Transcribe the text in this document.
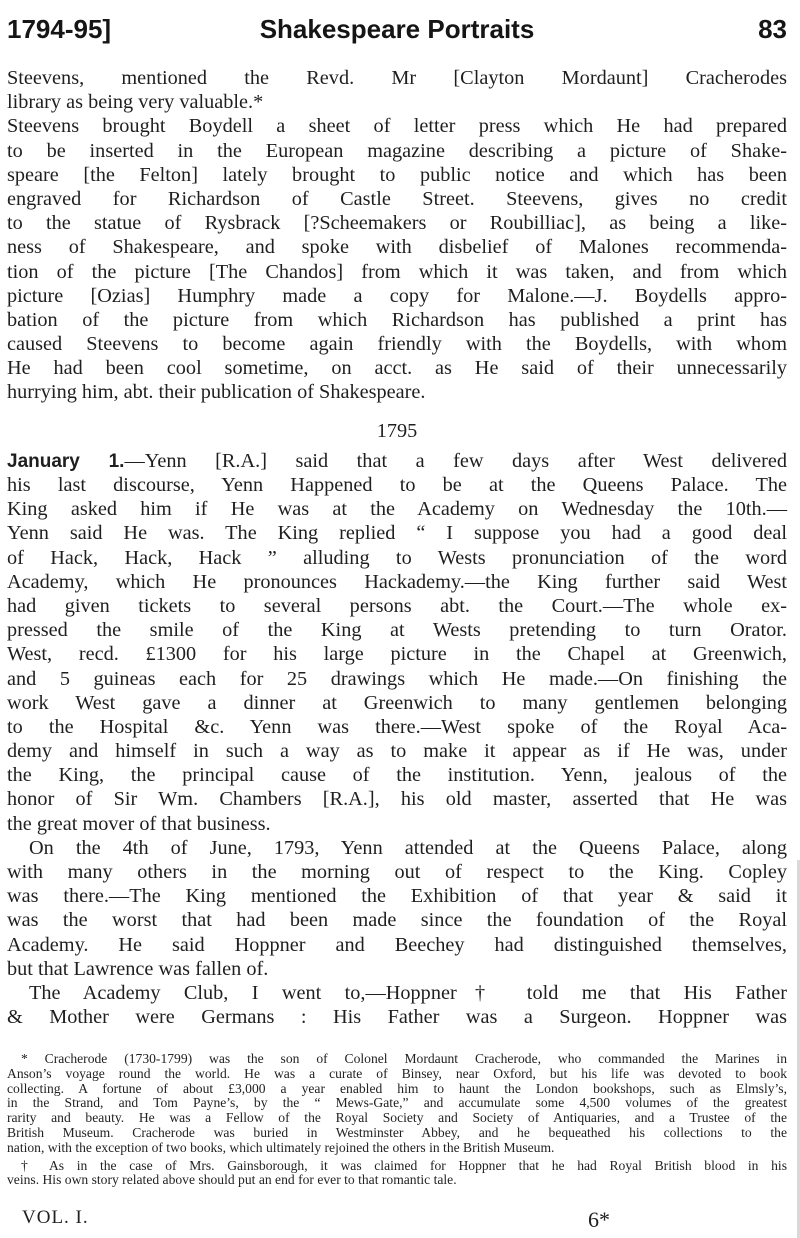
1794-95]	Shakespeare Portraits	83
Steevens, mentioned the Revd. Mr [Clayton Mordaunt] Cracherodes
library as being very valuable.*
Steevens brought Boydell a sheet of letter press which He had prepared
to be inserted in the European magazine describing a picture of Shake-
speare [the Felton] lately brought to public notice and which has been
engraved for Richardson of Castle Street. Steevens, gives no credit
to the statue of Rysbrack [?Scheemakers or Roubilliac], as being a like-
ness of Shakespeare, and spoke with disbelief of Malones recommenda-
tion of the picture [The Chandos] from which it was taken, and from which
picture [Ozias] Humphry made a copy for Malone.—J. Boydells appro-
bation of the picture from which Richardson has published a print has
caused Steevens to become again friendly with the Boydells, with whom
He had been cool sometime, on acct. as He said of their unnecessarily
hurrying him, abt. their publication of Shakespeare.
1795
January 1.—Yenn [R.A.] said that a few days after West delivered
his last discourse, Yenn Happened to be at the Queens Palace. The
King asked him if He was at the Academy on Wednesday the 10th.—
Yenn said He was. The King replied “ I suppose you had a good deal
of Hack, Hack, Hack ” alluding to Wests pronunciation of the word
Academy, which He pronounces Hackademy.—the King further said West
had given tickets to several persons abt. the Court.—The whole ex-
pressed the smile of the King at Wests pretending to turn Orator.
West, recd. £1300 for his large picture in the Chapel at Greenwich,
and 5 guineas each for 25 drawings which He made.—On finishing the
work West gave a dinner at Greenwich to many gentlemen belonging
to the Hospital &c. Yenn was there.—West spoke of the Royal Aca-
demy and himself in such a way as to make it appear as if He was, under
the King, the principal cause of the institution. Yenn, jealous of the
honor of Sir Wm. Chambers [R.A.], his old master, asserted that He was
the great mover of that business.
On the 4th of June, 1793, Yenn attended at the Queens Palace, along
with many others in the morning out of respect to the King. Copley
was there.—The King mentioned the Exhibition of that year & said it
was the worst that had been made since the foundation of the Royal
Academy. He said Hoppner and Beechey had distinguished themselves,
but that Lawrence was fallen of.
The Academy Club, I went to,—Hoppner† told me that His Father
& Mother were Germans : His Father was a Surgeon. Hoppner was
* Cracherode (1730-1799) was the son of Colonel Mordaunt Cracherode, who commanded the Marines in
Anson’s voyage round the world. He was a curate of Binsey, near Oxford, but his life was devoted to book
collecting. A fortune of about £3,000 a year enabled him to haunt the London bookshops, such as Elmsly’s,
in the Strand, and Tom Payne’s, by the “ Mews-Gate,” and accumulate some 4,500 volumes of the greatest
rarity and beauty. He was a Fellow of the Royal Society and Society of Antiquaries, and a Trustee of the
British Museum. Cracherode was buried in Westminster Abbey, and he bequeathed his collections to the
nation, with the exception of two books, which ultimately rejoined the others in the British Museum.
† As in the case of Mrs. Gainsborough, it was claimed for Hoppner that he had Royal British blood in his
veins. His own story related above should put an end for ever to that romantic tale.
VOL. I.	6*
